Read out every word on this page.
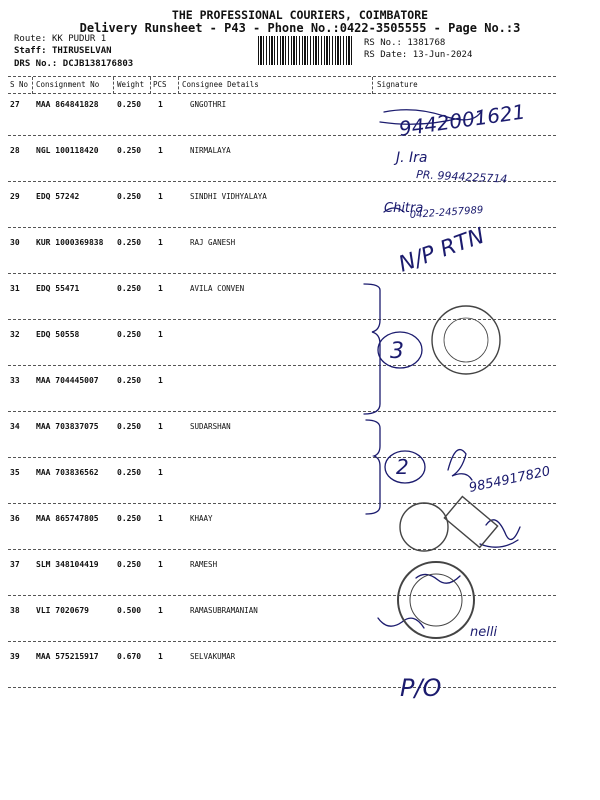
THE PROFESSIONAL COURIERS, COIMBATORE
Delivery Runsheet - P43 - Phone No.:0422-3505555 - Page No.:3
Route: KK PUDUR 1
Staff: THIRUSELVAN
DRS No.: DCJB138176803
RS No.: 1381768
RS Date: 13-Jun-2024
S No Consignment No Weight PCS Consignee Details	Signature
27 MAA 864841828 0.250 1	GNGOTHRI
28 NGL 100118420 0.250 1	NIRMALAYA
29 EDQ 57242	0.250 1	SINDHI VIDHYALAYA
30 KUR 1000369838 0.250 1	RAJ GANESH
31 EDQ 55471	0.250 1	AVILA CONVEN
32 EDQ 50558	0.250 1
33 MAA 704445007 0.250 1
34 MAA 703837075 0.250 1	SUDARSHAN
35 MAA 703836562 0.250 1
36 MAA 865747805 0.250 1	KHAAY
37 SLM 348104419 0.250 1	RAMESH
38 VLI 7020679	0.500 1	RAMASUBRAMANIAN
39 MAA 575215917 0.670 1	SELVAKUMAR
9442001621
J. Ira
PR. 9944225714
Chitra
0422-2457989
N/P RTN
3
2	9854917820
nelli
P/O
